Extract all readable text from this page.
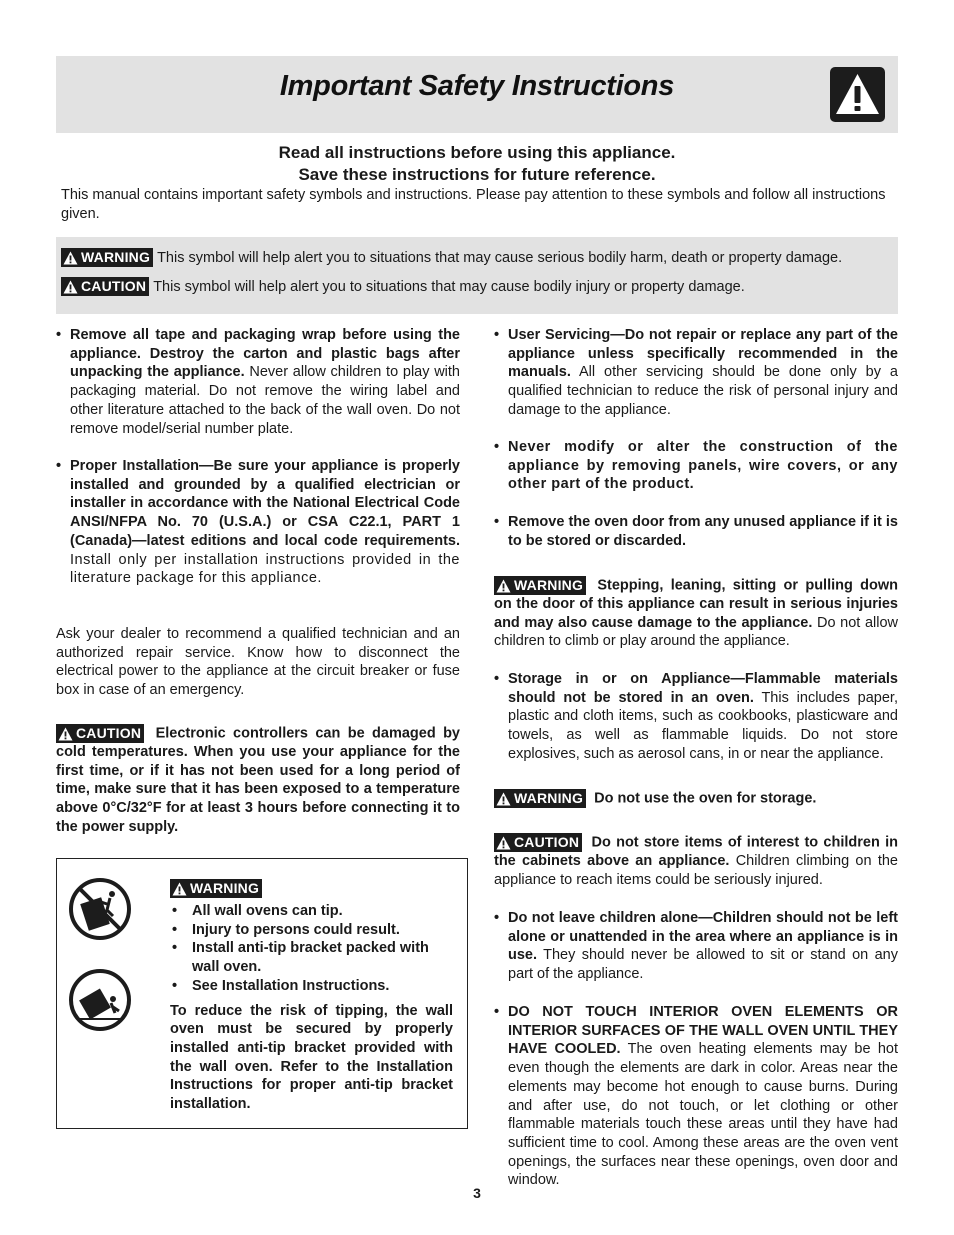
Important Safety Instructions
Read all instructions before using this appliance.
Save these instructions for future reference.
This manual contains important safety symbols and instructions. Please pay attention to these symbols and follow all instructions given.
WARNING This symbol will help alert you to situations that may cause serious bodily harm, death or property damage.
CAUTION This symbol will help alert you to situations that may cause bodily injury or property damage.
• Remove all tape and packaging wrap before using the appliance. Destroy the carton and plastic bags after unpacking the appliance. Never allow children to play with packaging material. Do not remove the wiring label and other literature attached to the back of the wall oven. Do not remove model/serial number plate.
• Proper Installation—Be sure your appliance is properly installed and grounded by a qualified electrician or installer in accordance with the National Electrical Code ANSI/NFPA No. 70 (U.S.A.) or CSA C22.1, PART 1 (Canada)—latest editions and local code requirements. Install only per installation instructions provided in the literature package for this appliance.

Ask your dealer to recommend a qualified technician and an authorized repair service. Know how to disconnect the electrical power to the appliance at the circuit breaker or fuse box in case of an emergency.

CAUTION Electronic controllers can be damaged by cold temperatures. When you use your appliance for the first time, or if it has not been used for a long period of time, make sure that it has been exposed to a temperature above 0°C/32°F for at least 3 hours before connecting it to the power supply.

WARNING
• All wall ovens can tip.
• Injury to persons could result.
• Install anti-tip bracket packed with wall oven.
• See Installation Instructions.

To reduce the risk of tipping, the wall oven must be secured by properly installed anti-tip bracket provided with the wall oven. Refer to the Installation Instructions for proper anti-tip bracket installation.

• User Servicing—Do not repair or replace any part of the appliance unless specifically recommended in the manuals. All other servicing should be done only by a qualified technician to reduce the risk of personal injury and damage to the appliance.
• Never modify or alter the construction of the appliance by removing panels, wire covers, or any other part of the product.
• Remove the oven door from any unused appliance if it is to be stored or discarded.

WARNING Stepping, leaning, sitting or pulling down on the door of this appliance can result in serious injuries and may also cause damage to the appliance. Do not allow children to climb or play around the appliance.

• Storage in or on Appliance—Flammable materials should not be stored in an oven. This includes paper, plastic and cloth items, such as cookbooks, plasticware and towels, as well as flammable liquids. Do not store explosives, such as aerosol cans, in or near the appliance.

WARNING Do not use the oven for storage.

CAUTION Do not store items of interest to children in the cabinets above an appliance. Children climbing on the appliance to reach items could be seriously injured.

• Do not leave children alone—Children should not be left alone or unattended in the area where an appliance is in use. They should never be allowed to sit or stand on any part of the appliance.
• DO NOT TOUCH INTERIOR OVEN ELEMENTS OR INTERIOR SURFACES OF THE WALL OVEN UNTIL THEY HAVE COOLED. The oven heating elements may be hot even though the elements are dark in color. Areas near the elements may become hot enough to cause burns. During and after use, do not touch, or let clothing or other flammable materials touch these areas until they have had sufficient time to cool. Among these areas are the oven vent openings, the surfaces near these openings, oven door and window.
3
